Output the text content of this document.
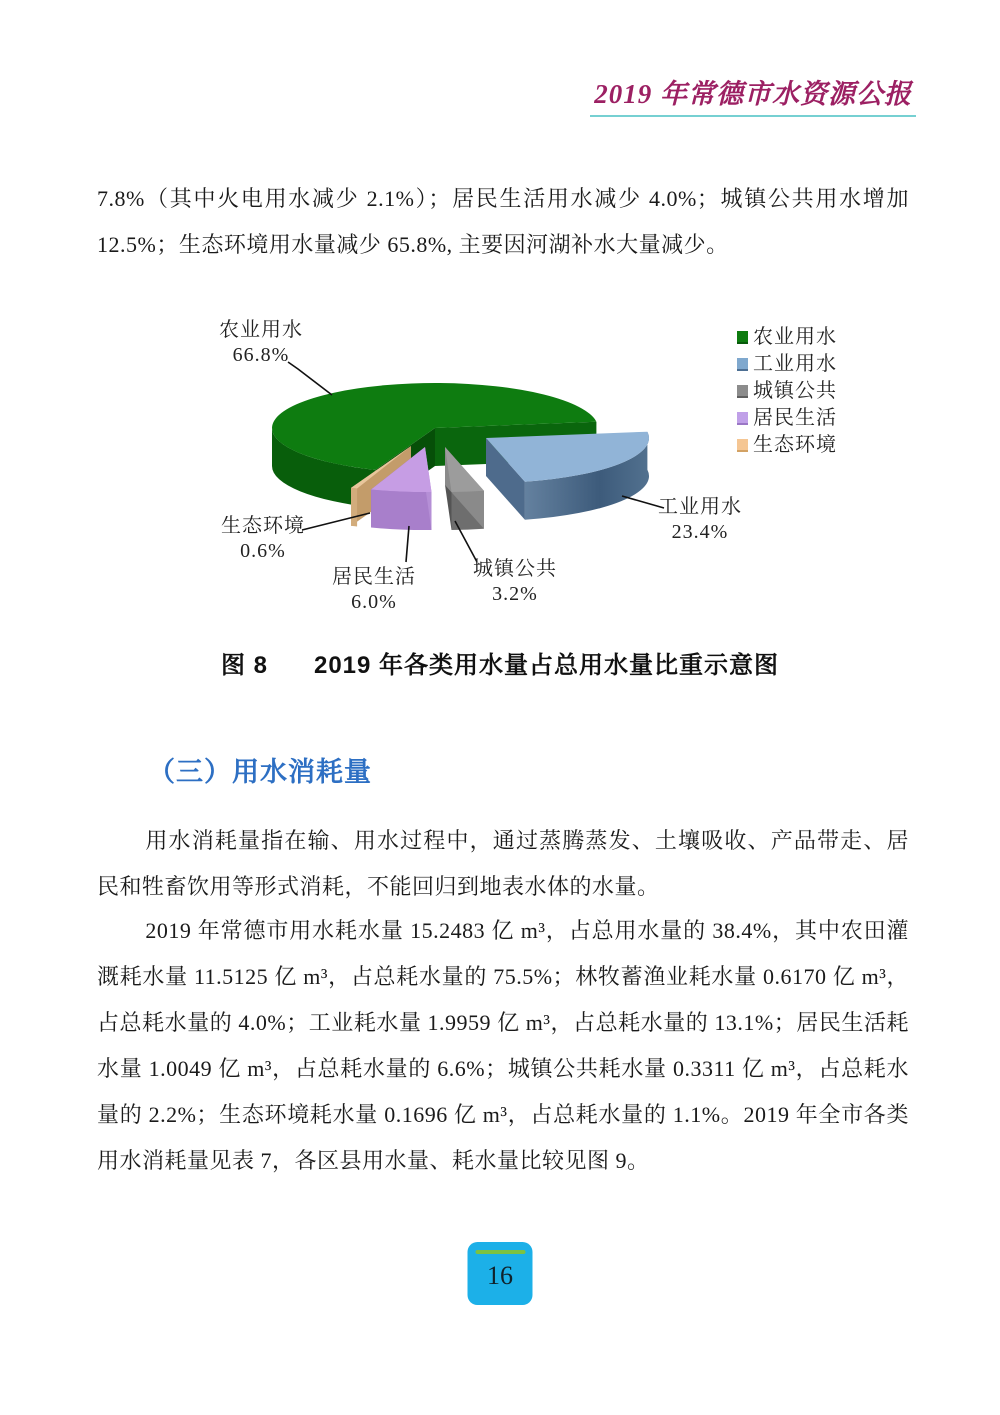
2019 年常德市水资源公报

7.8%（其中火电用水减少 2.1%）；居民生活用水减少 4.0%；城镇公共用水增加 12.5%；生态环境用水量减少 65.8%, 主要因河湖补水大量减少。

农业用水
66.8%
工业用水
23.4%
城镇公共
3.2%
居民生活
6.0%
生态环境
0.6%
农业用水
工业用水
城镇公共
居民生活
生态环境
图 8 2019 年各类用水量占总用水量比重示意图
（三）用水消耗量

用水消耗量指在输、用水过程中，通过蒸腾蒸发、土壤吸收、产品带走、居民和牲畜饮用等形式消耗，不能回归到地表水体的水量。

2019 年常德市用水耗水量 15.2483 亿 m³，占总用水量的 38.4%，其中农田灌溉耗水量 11.5125 亿 m³，占总耗水量的 75.5%；林牧蓄渔业耗水量 0.6170 亿 m³，占总耗水量的 4.0%；工业耗水量 1.9959 亿 m³，占总耗水量的 13.1%；居民生活耗水量 1.0049 亿 m³，占总耗水量的 6.6%；城镇公共耗水量 0.3311 亿 m³，占总耗水量的 2.2%；生态环境耗水量 0.1696 亿 m³，占总耗水量的 1.1%。2019 年全市各类用水消耗量见表 7，各区县用水量、耗水量比较见图 9。

16
